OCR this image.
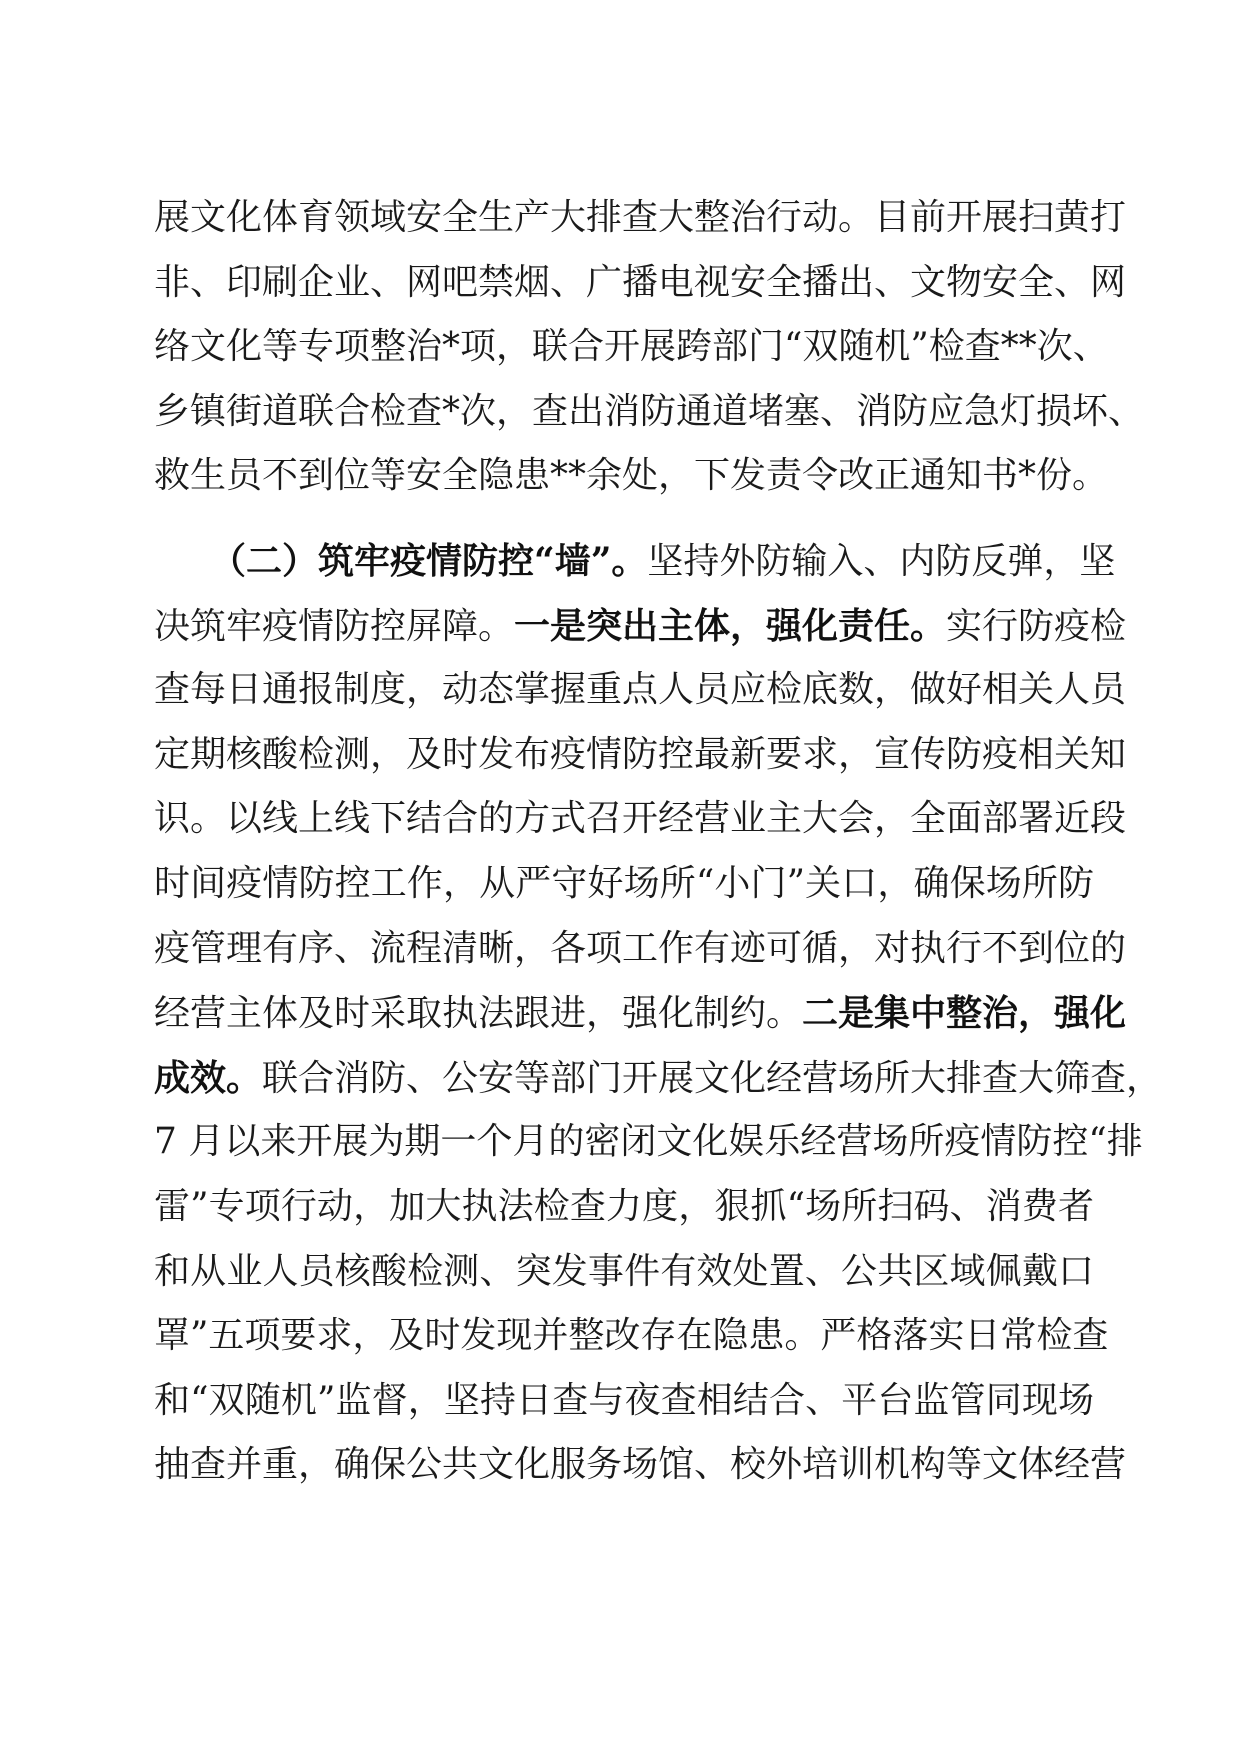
展文化体育领域安全生产大排查大整治行动。目前开展扫黄打
非、印刷企业、网吧禁烟、广播电视安全播出、文物安全、网
络文化等专项整治*项，联合开展跨部门“双随机”检查**次、
乡镇街道联合检查*次，查出消防通道堵塞、消防应急灯损坏、
救生员不到位等安全隐患**余处，下发责令改正通知书*份。
（二）筑牢疫情防控“墙”。坚持外防输入、内防反弹，坚
决筑牢疫情防控屏障。一是突出主体，强化责任。实行防疫检
查每日通报制度，动态掌握重点人员应检底数，做好相关人员
定期核酸检测，及时发布疫情防控最新要求，宣传防疫相关知
识。以线上线下结合的方式召开经营业主大会，全面部署近段
时间疫情防控工作，从严守好场所“小门”关口，确保场所防
疫管理有序、流程清晰，各项工作有迹可循，对执行不到位的
经营主体及时采取执法跟进，强化制约。二是集中整治，强化
成效。联合消防、公安等部门开展文化经营场所大排查大筛查，
7 月以来开展为期一个月的密闭文化娱乐经营场所疫情防控“排
雷”专项行动，加大执法检查力度，狠抓“场所扫码、消费者
和从业人员核酸检测、突发事件有效处置、公共区域佩戴口
罩”五项要求，及时发现并整改存在隐患。严格落实日常检查
和“双随机”监督，坚持日查与夜查相结合、平台监管同现场
抽查并重，确保公共文化服务场馆、校外培训机构等文体经营
